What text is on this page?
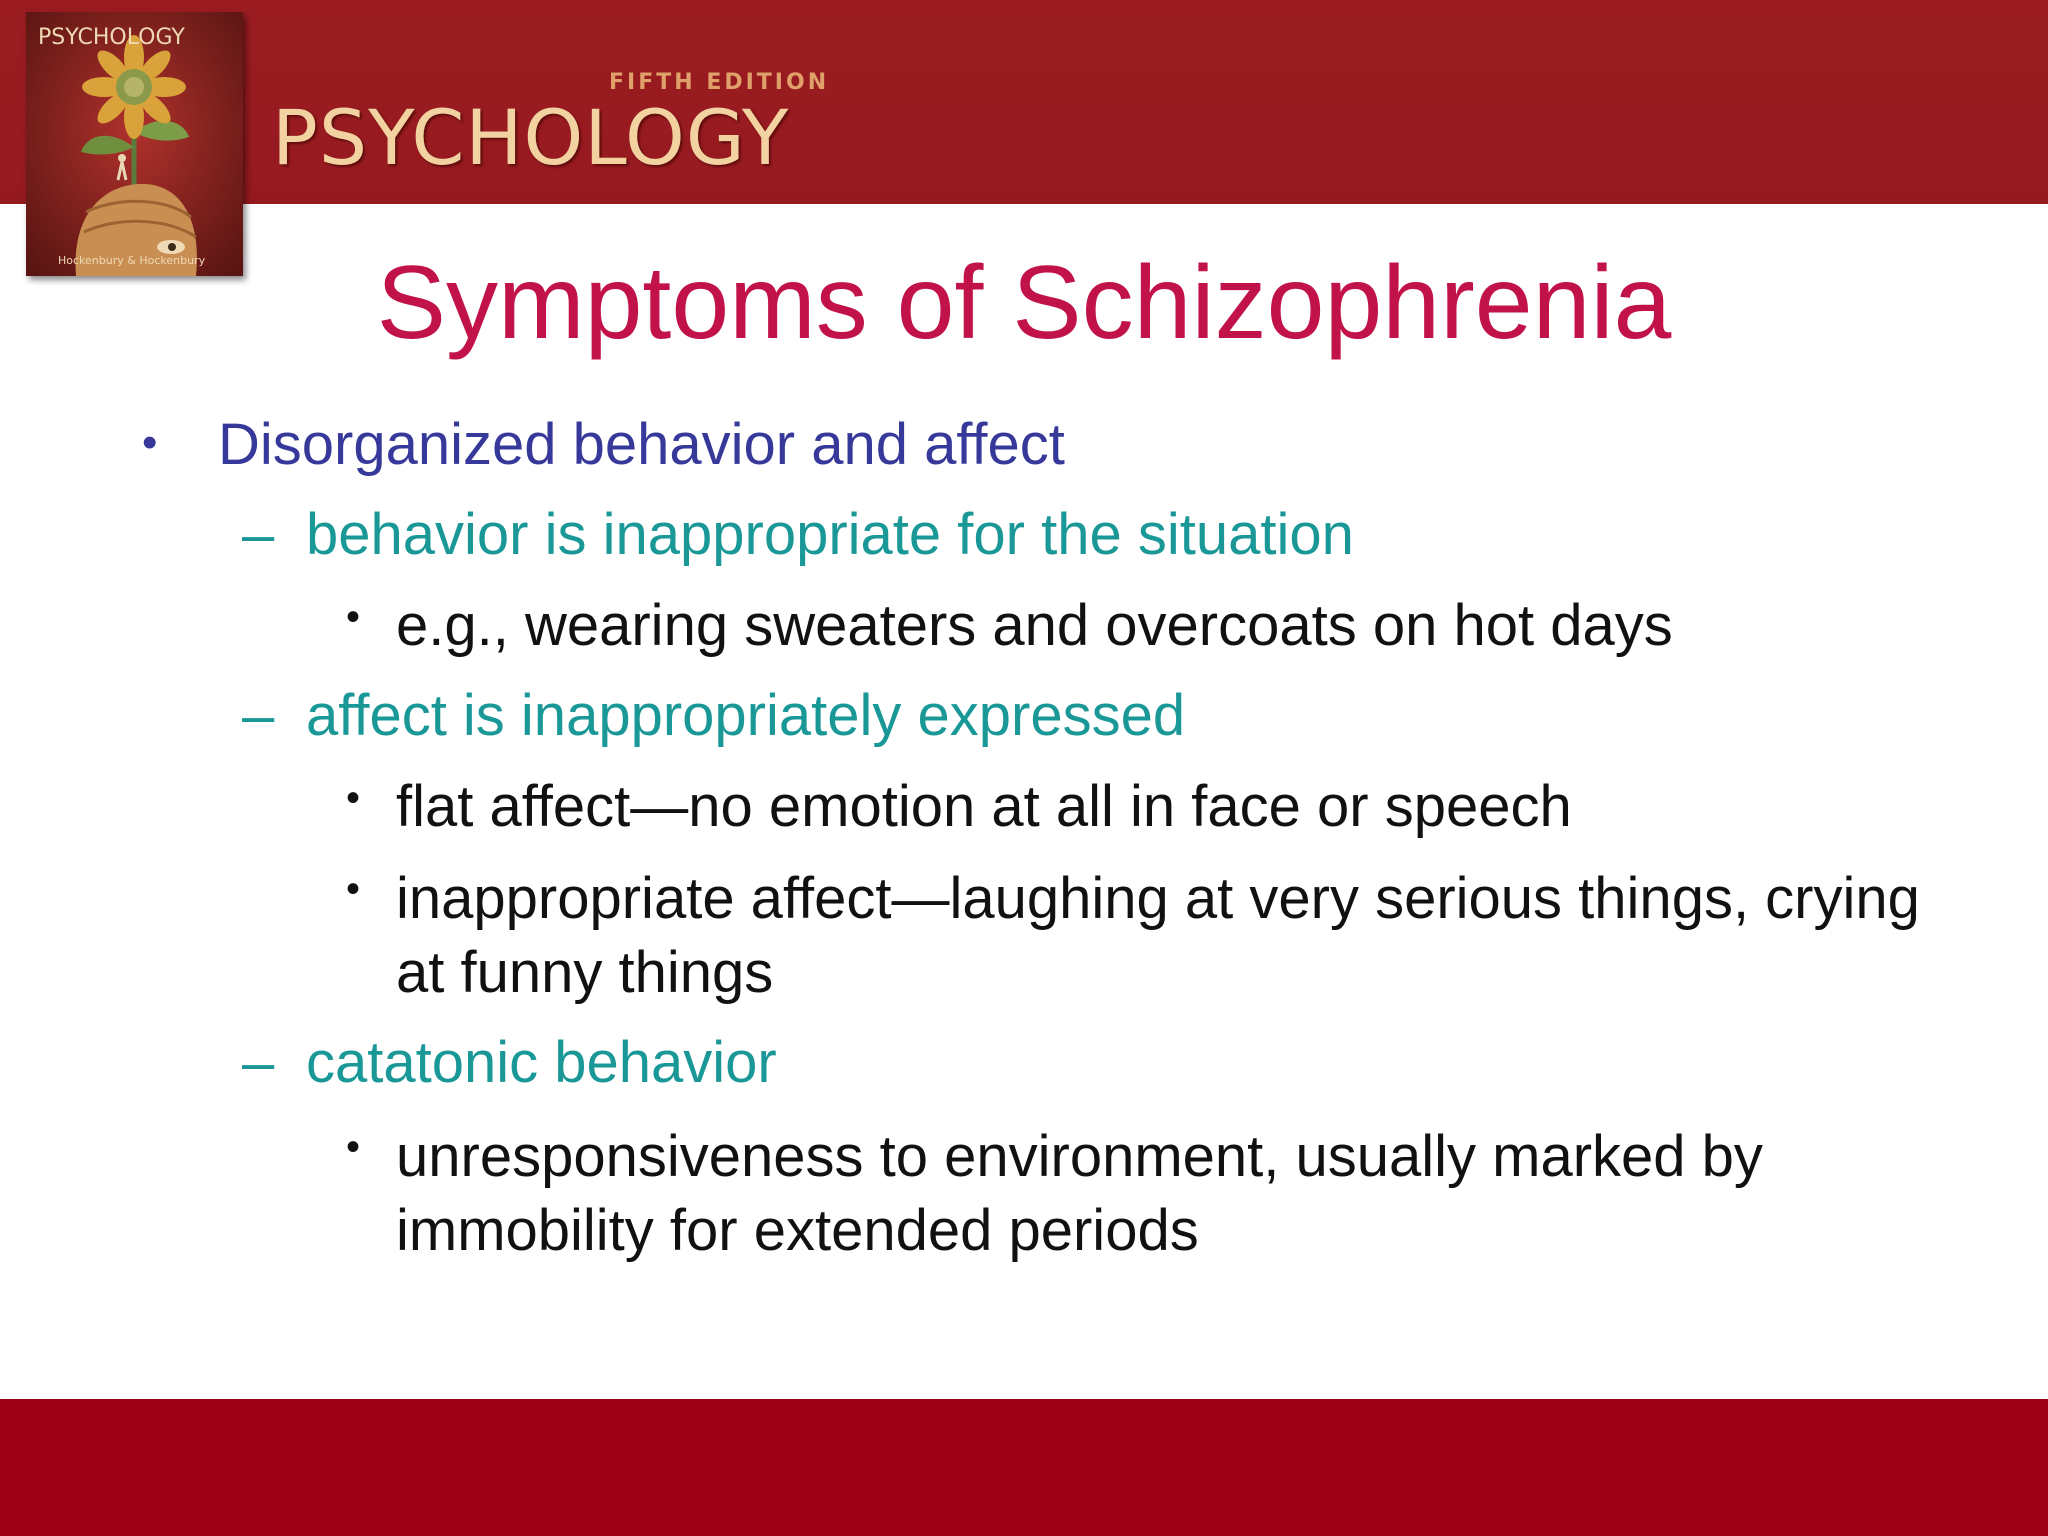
PSYCHOLOGY
Hockenbury & Hockenbury
FIFTH EDITION
PSYCHOLOGY
Symptoms of Schizophrenia
• Disorganized behavior and affect
– behavior is inappropriate for the situation
• e.g., wearing sweaters and overcoats on hot days
– affect is inappropriately expressed
• flat affect—no emotion at all in face or speech
• inappropriate affect—laughing at very serious things, crying at funny things
– catatonic behavior
• unresponsiveness to environment, usually marked by immobility for extended periods
